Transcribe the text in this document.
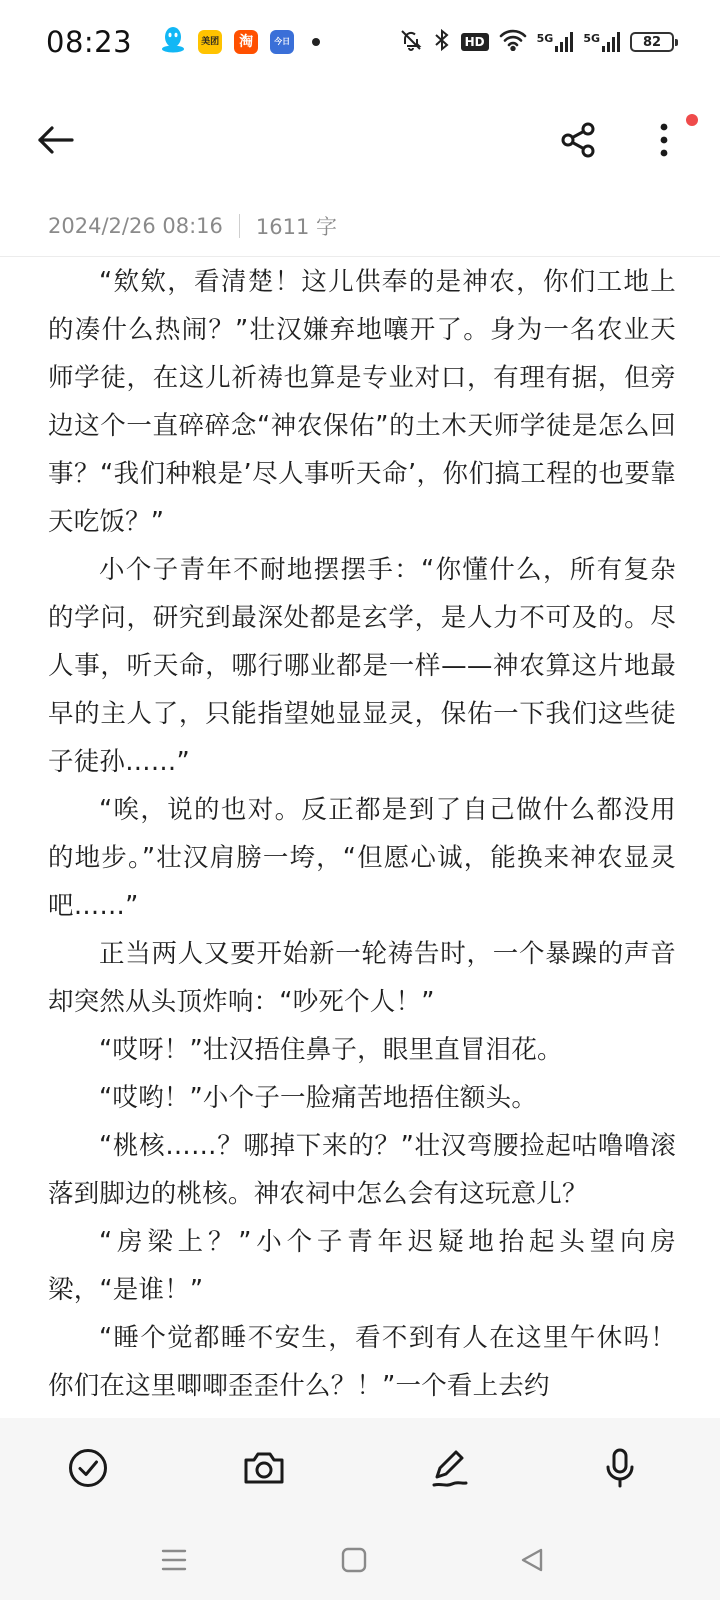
08:23	美团	淘	今日	HD	5G	5G	82
2024/2/26 08:16 1611 字

“欸欸，看清楚！这儿供奉的是神农，你们工地上的凑什么热闹？”壮汉嫌弃地嚷开了。身为一名农业天师学徒，在这儿祈祷也算是专业对口，有理有据，但旁边这个一直碎碎念“神农保佑”的土木天师学徒是怎么回事？“我们种粮是’尽人事听天命’，你们搞工程的也要靠天吃饭？”

小个子青年不耐地摆摆手：“你懂什么，所有复杂的学问，研究到最深处都是玄学，是人力不可及的。尽人事，听天命，哪行哪业都是一样——神农算这片地最早的主人了，只能指望她显显灵，保佑一下我们这些徒子徒孙……”

“唉，说的也对。反正都是到了自己做什么都没用的地步。”壮汉肩膀一垮，“但愿心诚，能换来神农显灵吧……”

正当两人又要开始新一轮祷告时，一个暴躁的声音却突然从头顶炸响：“吵死个人！”

“哎呀！”壮汉捂住鼻子，眼里直冒泪花。

“哎哟！”小个子一脸痛苦地捂住额头。

“桃核……？哪掉下来的？”壮汉弯腰捡起咕噜噜滚落到脚边的桃核。神农祠中怎么会有这玩意儿？

“房梁上？”小个子青年迟疑地抬起头望向房梁，“是谁！”

“睡个觉都睡不安生，看不到有人在这里午休吗！你们在这里唧唧歪歪什么？！”一个看上去约
